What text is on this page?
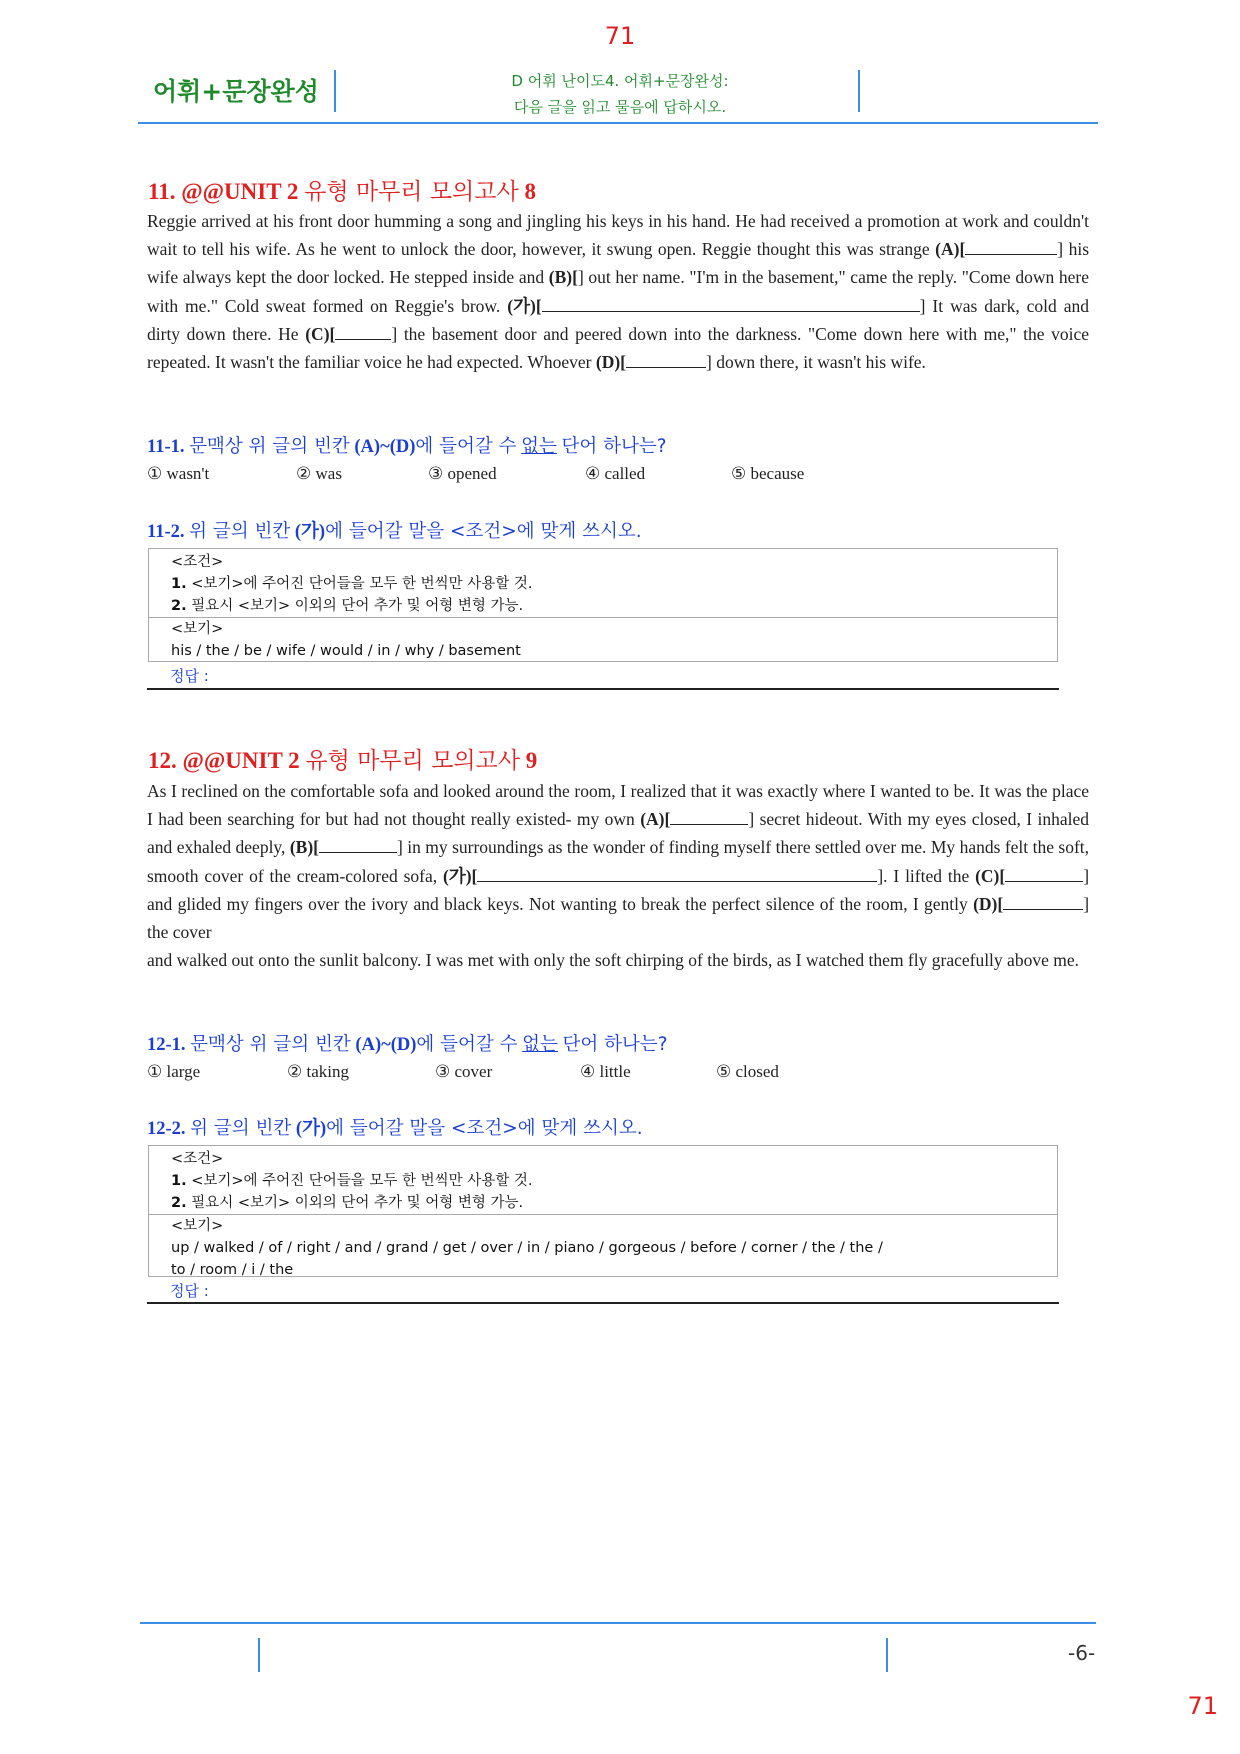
71
어휘+문장완성	D 어휘 난이도4. 어휘+문장완성:
다음 글을 읽고 물음에 답하시오.
11. @@UNIT 2 유형 마무리 모의고사 8
Reggie arrived at his front door humming a song and jingling his keys in his hand. He had received a promotion at work and couldn't wait to tell his wife. As he went to unlock the door, however, it swung open. Reggie thought this was strange (A)[	] his wife always kept the door locked. He stepped inside and (B)[] out her name. "I'm in the basement," came the reply. "Come down here with me." Cold sweat formed on Reggie's brow. (가)[	] It was dark, cold and dirty down there. He (C)[	] the basement door and peered down into the darkness. "Come down here with me," the voice repeated. It wasn't the familiar voice he had expected. Whoever (D)[	] down there, it wasn't his wife.
11-1. 문맥상 위 글의 빈칸 (A)~(D)에 들어갈 수 없는 단어 하나는?
① wasn't	② was	③ opened	④ called	⑤ because
11-2. 위 글의 빈칸 (가)에 들어갈 말을 <조건>에 맞게 쓰시오.
<조건>
1. <보기>에 주어진 단어들을 모두 한 번씩만 사용할 것.
2. 필요시 <보기> 이외의 단어 추가 및 어형 변형 가능.
<보기>
his / the / be / wife / would / in / why / basement
정답 :
12. @@UNIT 2 유형 마무리 모의고사 9
As I reclined on the comfortable sofa and looked around the room, I realized that it was exactly where I wanted to be. It was the place I had been searching for but had not thought really existed- my own (A)[	] secret hideout. With my eyes closed, I inhaled and exhaled deeply, (B)[	] in my surroundings as the wonder of finding myself there settled over me. My hands felt the soft, smooth cover of the cream-colored sofa, (가)[	]. I lifted the (C)[	] and glided my fingers over the ivory and black keys. Not wanting to break the perfect silence of the room, I gently (D)[	] the cover
and walked out onto the sunlit balcony. I was met with only the soft chirping of the birds, as I watched them fly gracefully above me.
12-1. 문맥상 위 글의 빈칸 (A)~(D)에 들어갈 수 없는 단어 하나는?
① large	② taking	③ cover	④ little	⑤ closed
12-2. 위 글의 빈칸 (가)에 들어갈 말을 <조건>에 맞게 쓰시오.
<조건>
1. <보기>에 주어진 단어들을 모두 한 번씩만 사용할 것.
2. 필요시 <보기> 이외의 단어 추가 및 어형 변형 가능.
<보기>
up / walked / of / right / and / grand / get / over / in / piano / gorgeous / before / corner / the / the /
to / room / i / the
정답 :
-6-
71
